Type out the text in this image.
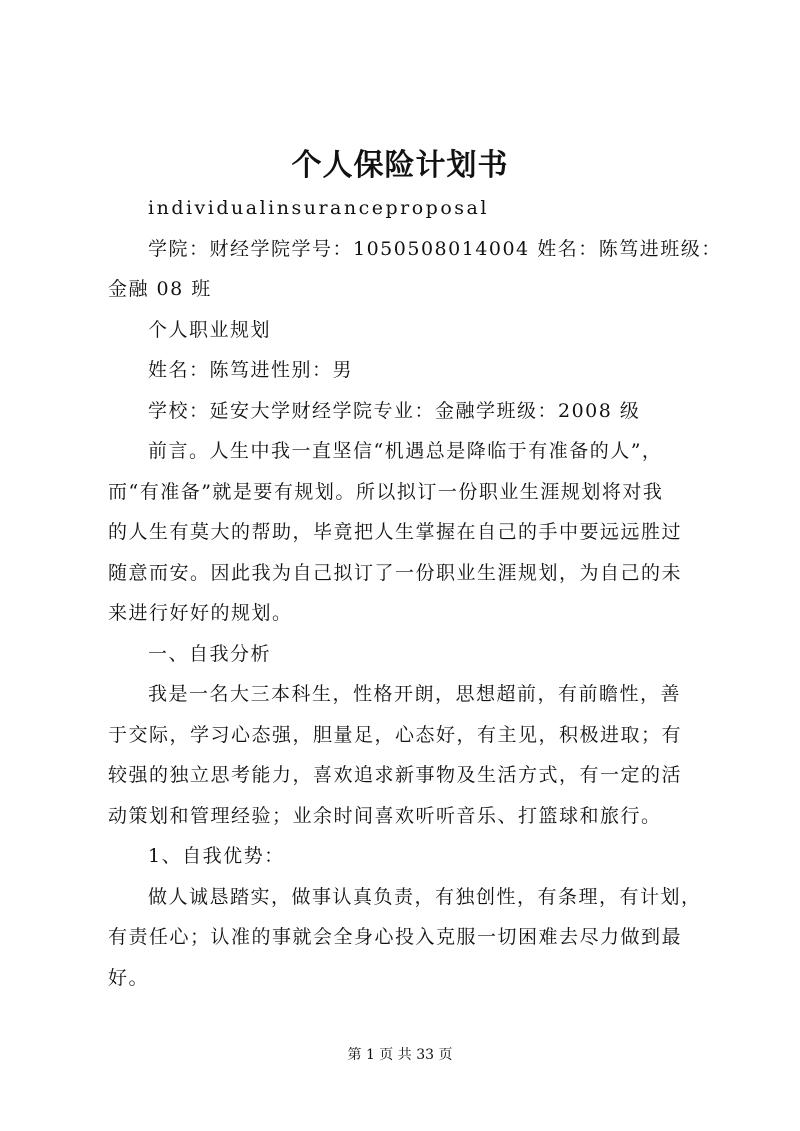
个人保险计划书
individualinsuranceproposal
学院：财经学院学号：1050508014004 姓名：陈笃进班级：
金融 08 班
个人职业规划
姓名：陈笃进性别：男
学校：延安大学财经学院专业：金融学班级：2008 级
前言。人生中我一直坚信“机遇总是降临于有准备的人”，
而“有准备”就是要有规划。所以拟订一份职业生涯规划将对我
的人生有莫大的帮助，毕竟把人生掌握在自己的手中要远远胜过
随意而安。因此我为自己拟订了一份职业生涯规划，为自己的未
来进行好好的规划。
一、自我分析
我是一名大三本科生，性格开朗，思想超前，有前瞻性，善
于交际，学习心态强，胆量足，心态好，有主见，积极进取；有
较强的独立思考能力，喜欢追求新事物及生活方式，有一定的活
动策划和管理经验；业余时间喜欢听听音乐、打篮球和旅行。
1、自我优势：
做人诚恳踏实，做事认真负责，有独创性，有条理，有计划，
有责任心；认准的事就会全身心投入克服一切困难去尽力做到最
好。
第 1 页 共 33 页
